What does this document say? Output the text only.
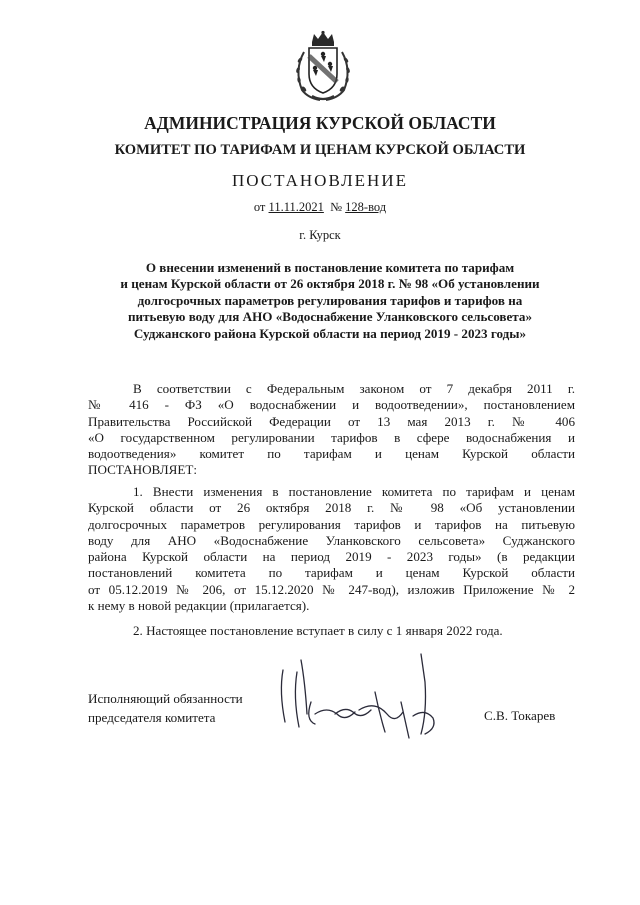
АДМИНИСТРАЦИЯ КУРСКОЙ ОБЛАСТИ
КОМИТЕТ ПО ТАРИФАМ И ЦЕНАМ КУРСКОЙ ОБЛАСТИ
ПОСТАНОВЛЕНИЕ
от 11.11.2021 № 128-вод
г. Курск
О внесении изменений в постановление комитета по тарифам
и ценам Курской области от 26 октября 2018 г. № 98 «Об установлении
долгосрочных параметров регулирования тарифов и тарифов на
питьевую воду для АНО «Водоснабжение Уланковского сельсовета»
Суджанского района Курской области на период 2019 - 2023 годы»
В соответствии с Федеральным законом от 7 декабря 2011 г.
№ 416 - ФЗ «О водоснабжении и водоотведении», постановлением
Правительства Российской Федерации от 13 мая 2013 г. № 406
«О государственном регулировании тарифов в сфере водоснабжения и
водоотведения» комитет по тарифам и ценам Курской области
ПОСТАНОВЛЯЕТ:
1. Внести изменения в постановление комитета по тарифам и ценам
Курской области от 26 октября 2018 г. № 98 «Об установлении
долгосрочных параметров регулирования тарифов и тарифов на питьевую
воду для АНО «Водоснабжение Уланковского сельсовета» Суджанского
района Курской области на период 2019 - 2023 годы» (в редакции
постановлений комитета по тарифам и ценам Курской области
от 05.12.2019 № 206, от 15.12.2020 № 247-вод), изложив Приложение № 2
к нему в новой редакции (прилагается).
2. Настоящее постановление вступает в силу с 1 января 2022 года.
Исполняющий обязанности
председателя комитета	С.В. Токарев
